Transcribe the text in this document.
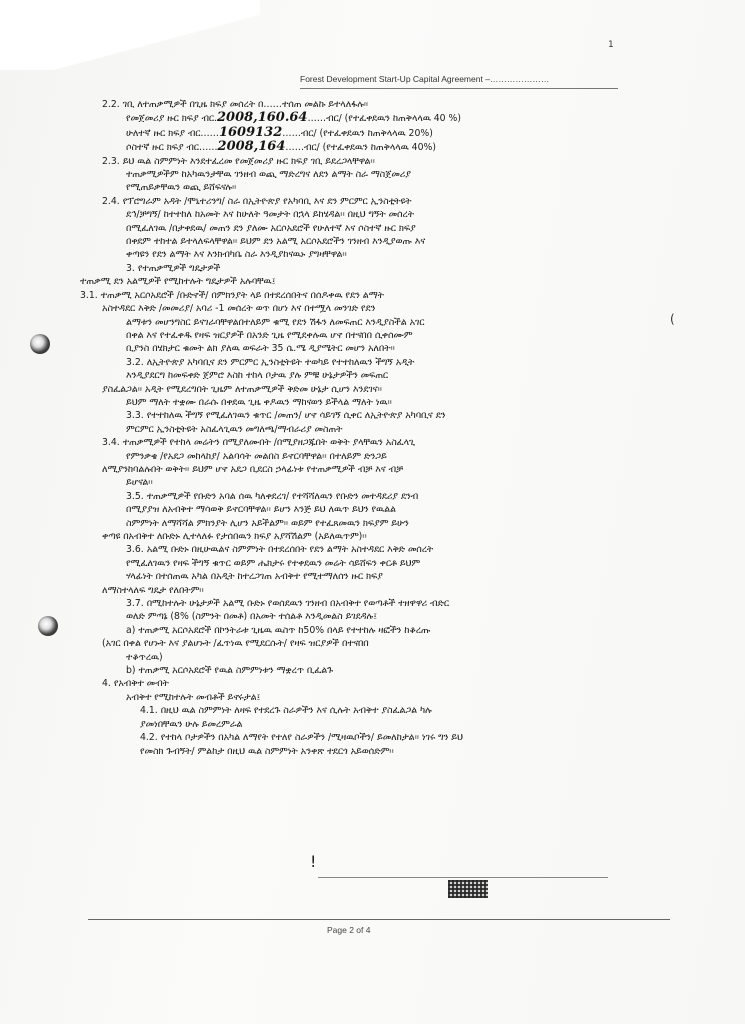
Forest Development Start-Up Capital Agreement –…………………
2.2. ገቢ ለተጠቃሚዎች በጊዜ ክፍያ መሰረት በ……ተሰጠ መልኩ ይተላለፋሉ፡፡
የመጀመሪያ ዙር ክፍያ ብር.2008,160.64……ብር/ (የተፈቀደዉን ከጠቅላላዉ 40 %)
ሁለተኛ ዙር ክፍያ ብር……1609132……ብር/ (የተፈቀደዉን ከጠቅላላዉ 20%)
ሶስተኛ ዙር ክፍያ ብር……2008,164……ብር/ (የተፈቀደዉን ከጠቅላላዉ 40%)
2.3. ይህ ዉል ስምምነት እንደተፈረመ የመጀመሪያ ዙር ክፍያ ገቢ ይደረጋላቸዋል፡፡
ተጠቃሚዎችም ከአካዉንታቸዉ ገንዘብ ወጪ ማድረግና ለደን ልማት ስራ ማስጀመሪያ
የሚጠይቃቸዉን ወጪ ይሸፍናሉ፡፡
2.4. የፕሮግራም አዳት /ሞኒተሪንግ/ ስራ በኢትዮጵያ የአካባቢ እና ደን ምርምር ኢንስቲትዩት
ደኅ/ቻግኝ/ ከተተከለ ከአመት እና ከሁለት ዓመታት በኋላ ይከሄዳል፡፡ በዚህ ግኝት መሰረት
በሚፈለገዉ /በታቀደዉ/ መጠን ደን ያለሙ አርሶአደሮች የሁለተኛ እና ሶስተኛ ዙር ክፍያ
በቀደም ተከተል ይተላለፍላቸዋል፡፡ ይህም ደን አልሚ አርሶአደሮችን ገንዘብ እንዲያወጡ እና
ቀጣዩን የደን ልማት እና እንክብካቤ ስራ እንዲያከናዉኑ ያግዛቸዋል፡፡
3. የተጠቃሚዎች ግዴታዎች
ተጠቃሚ ደን አልሚዎች የሚከተሉት ግዴታዎች አሉባቸዉ፤
3.1. ተጠቃሚ አርሶአደሮች /ቡድኖች/ በምክንያት ላይ በተደረሰበትና በሰዶቀዉ የደን ልማት
አስተዳደር እቅድ /መመሪያ/ አባሪ -1 መሰረት ወጥ በሆነ እና በተሟላ መንገድ የደን
ልማቱን መሆንግስር ይናገራባቸዋልበተለይም ቁሚ የደን ሽፋን ለመፍጠር እንዲያስችል አገር
በቀል እና የተፈቀዱ የዛፍ ዝርያዎች በአንድ ጊዜ የሚደቀሉዉ ሆኖ በተናበበ ሲቀሰሙም
ቢያንስ በሄክታር ቁመት ልክ ያለዉ ወፍራት 35 ሴ.ሜ ዲያሜትር መሆን አለበት፡፡
3.2. ለኢትዮጵያ አካባቢና ደን ምርምር ኢንስቲትዩት ተወካይ የተተከለዉን ችግኝ አዲት
እንዲያደርግ ከመፍቀድ ጀምሮ እስከ ተከላ ቦታዉ ያሉ ምቹ ሁኔታዎችን መፍጠር
ያስፈልጋል፡፡ አዲት የሚደረግበት ጊዜም ለተጠቃሚዎች ቅድመ ሁኔታ ሲሆን እንደገና፡፡
ይህም ማለት ተቋሙ በራሱ በቀደዉ ጊዜ ቀዶዉን ማከናወን ይችላል ማለት ነዉ፡፡
3.3. የተተከለዉ ችግኝ የሚፈለገዉን ቁጥር /መጠን/ ሆኖ ሳይገኝ ሲቀር ለኢትዮጵያ አካባቢና ደን
ምርምር ኢንስቲትዩት አስፈላጊዉን መግለጫ/ማብራሪያ መስጠት
3.4. ተጠቃሚዎች የተከላ መሬትን በሚያለሙበት /በሚያዘጋጁበት ወቅት ያላቸዉን አስፈላጊ
የምንቃቄ /የአደጋ መከላከያ/ አልባሳት መልበስ ይኖርባቸዋል፡፡ በተለይም ድንጋይ
ለሚያንከባልሉበት ወቅት፡፡ ይህም ሆኖ አደጋ ቢደርስ ኃላፊነቱ የተጠቃሚዎች ብቻ እና ብቻ
ይሆናል፡፡
3.5. ተጠቃሚዎች የቡድን አባል ሰዉ ካለቀደረገ/ የተሻሻለዉን የቡድን መተዳደሪያ ደንብ
በሚያያዝ ለአብቅተ ማሳወቅ ይኖርባቸዋል፡፡ ይሆን እንጅ ይህ ለዉጥ ይህን የዉልል
ስምምነት ለማሻሻል ምክንያት ሊሆን አይችልም፡፡ ወይም የተፈጸመዉን ክፍያም ይሁን
ቀጣዩ በአብቅተ ለቡድኑ ሊተላለፉ የታሰበዉን ክፍያ አያሻሽልም (አይለዉጥም)፡፡
3.6. አልሚ ቡድኑ በዚሁዉልና ስምምነት በተደረሰበት የደን ልማት አስተዳደር እቅድ መሰረት
የሚፈለገዉን የዛፍ ችግኝ ቁጥር ወይም ሔክታሩ የተቀደዉን መሬት ሳይሸፍን ቀርቶ ይህም
ሃላፊነት በተሰጠዉ አካል በአዲት ከተረጋገጠ አብቅተ የሚተማለሰን ዙር ክፍያ
ለማስተላለፍ ግዴታ የለበትም፡፡
3.7. በሚከተሉት ሁኔታዎች አልሚ ቡድኑ የወሰደዉን ገንዘብ በአብቅተ የወጣቶች ተዘዋዋሪ ብድር
ወለድ ምጣኔ (8% (ስምንት በመቶ) በአመት ተሰልቶ እንዲመልስ ይገደዳሉ፤
a) ተጠቃሚ አርሶአደሮች በኮንትራቱ ጊዜዉ ዉስጥ ከ50% በላይ የተተከሉ ዛፎችን ከቆረጡ
(አገር በቀል የሆኑት እና ያልሆኑት /ፈጥነዉ የሚደርሱት/ የዛፍ ዝርያዎች በተናበበ
ተቆጥረዉ)
b) ተጠቃሚ አርሶአደሮች የዉል ስምምነቱን ማቋረጥ ቢፈልጉ
4. የአብቅተ መብት
አብቅተ የሚከተሉት መብቶች ይኖሩታል፤
4.1. በዚህ ዉል ስምምነት ለዛፍ የተደረጉ ስራዎችን እና ሲሉት አብቅተ ያስፈልጋል ካሉ
ያመነበቸዉን ሁሉ ይመረምራል
4.2. የተከላ ቦታዎችን በአካል ለማየት የተለየ ስራዎችን /ሚዛዉቦችን/ ይመለከታል፡፡ ነገሩ ግን ይህ
የመስክ ጉብኝት/ ምልከታ በዚህ ዉል ስምምነት አንቀጽ ተደርጎ አይወሰድም፡፡
(
1
!
Page 2 of 4
